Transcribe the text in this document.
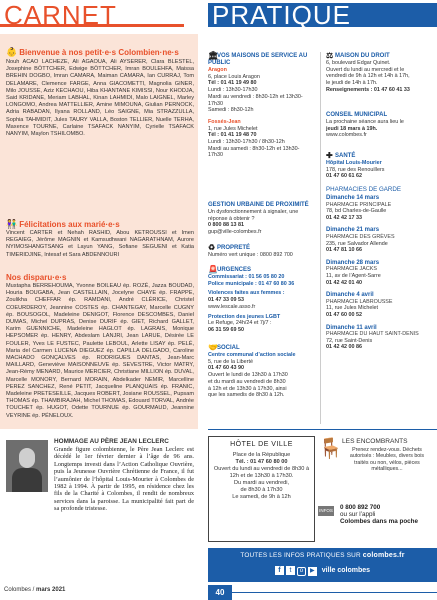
CARNET	PRATIQUE
👶 Bienvenue à nos petit·e·s Colombien·ne·s
Nouh ACAO LACHEZE, Ali AGAOUA, Ali AYSERER, Clara BLESTEL, Josephine BÖTTCHER, Edwige BÖTTCHER, Imran BOULEHFA, Maissa BREHIN DOGBO, Imran CAMARA, Maiman CAMARA, Ian CURRAJ, Tom DELAMARE, Clemence FARGE, Anna GIACOMETTI, Magnolia GINER, Milo JOUSSE, Aziz KECHAOU, Hiba KHANTANE KIMISSI, Nour KHODJA, Said KRIDANE, Meriam LABHAL, Kinan LAHMIDI, Malo LAIGNEL, Marley LONGOMO, Andrea MATTELLIER, Amine MIMOUNA, Giulian PERNOCK, Adria RABADAN, Ilyana ROLLAND, Léo SAIGNE, Mia STRAZZULLA, Sophia TAHMIDIT, Jules TAURY VALLA, Boston TELLIER, Nuelle TERHA, Maxence TOURNE, Carlaine TSAFACK NANYIM, Cyrielle TSAFACK NANYIM, Maylon TSHILOMBO.
👫 Félicitations aux marié·e·s
Vincent CARTER et Nehah RASHID, Abou KETROUSSI et Imen REGAIEG, Jérôme MAGNIN et Kamsudhwani NAGARATHNAM, Aurore NYIMOSHANGTSANG et Layun YANG, Sofiane SEGUENI et Katia TIMERIDJINE, Intesaf et Sara ABDENNOURI
Nos disparu·e·s
Mustapha BERREHOUMA, Yvonne BOILEAU ép. ROZÉ, Jazza BOUDAD, Houria BOUGABA, Jean CASTELLAIN, Jocelyne CHAYE ép. FRAPPE, Zoulikha CHEFFAR ép. RAMDANI, André CLÉRICE, Christel COEURDEROY, Jeannine COSTES ép. CHANTEGAY, Marcelle CUGNY ép. BOUSOGOL, Madeleine DENIGOT, Florence DESCOMBES, Daniel DUMAS, Michel DUPRAS, Denise DURIF ép. GIET, Richard GALLET, Karim GUENNICHE, Madeleine HAGLOT ép. LAGRAIS, Monique HEPSOMER ép. HENRY, Abdeslam LANJRI, Jean LARUE, Désirée LE FOULER, Yves LE FUSTEC, Paulette LEBOUL, Arlette LISAY ép. PELÉ, Maria del Carmen LUCENA DIEGUEZ ép. CAPILLA DELGADO, Caroline MACHADO GONÇALVES ép. RODRIGUES DANTAS, Jean-Marc MAILLARD, Geneviève MAISONNEUVE ép. SEVESTRE, Victor MATRY, Jean-Rémy MENARD, Maurice MERCIER, Christiane MILLION ép. DUVAL, Marcelle MONORY, Bernard MORAIN, Abdelkader NEMIR, Marcelline PEREZ SANCHEZ, René PETIT, Jacqueline PLANQUAIS ép. FRANIC, Madeleine PRETESEILLE, Jacques ROBERT, Josiane ROUSSEL, Pupsam THOMAS ép. THAMBIRAJAH, Michel THOMAS, Edouard TORVAL, Andrée TOUCHET ép. HUGOT, Odette TOURNUE ép. GOURMAUD, Jeannine VEYRINE ép. PÉNELOUX.
HOMMAGE AU PÈRE JEAN LECLERC
Grande figure colombienne, le Père Jean Leclerc est décédé le 1er février dernier à l’âge de 96 ans. Longtemps investi dans l’Action Catholique Ouvrière, puis la Jeunesse Ouvrière Chrétienne de France, il fut l’aumônier de l’hôpital Louis-Mourier à Colombes de 1982 à 1994. À partir de 1995, en résidence chez les fils de la Charité à Colombes, il rendit de nombreux services dans la paroisse. La municipalité fait part de sa profonde tristesse.
🏛VOS MAISONS DE SERVICE AU PUBLIC
Aragon
6, place Louis Aragon
Tél : 01 41 19 49 80
Lundi : 13h30-17h30
Mardi au vendredi : 8h30-12h et 13h30-17h30
Samedi : 8h30-12h
Fossés-Jean
1, rue Jules Michelet
Tél : 01 41 19 48 70
Lundi : 13h30-17h30 / 8h30-12h
Mardi au samedi : 8h30-12h et 13h30-17h30
GESTION URBAINE DE PROXIMITÉ
Un dysfonctionnement à signaler, une réponse à obtenir ?
0 800 88 13 81
gup@ville-colombes.fr
♻ PROPRETÉ
Numéro vert unique : 0800 892 700
🚨URGENCES
Commissariat : 01 56 05 80 20
Police municipale : 01 47 60 80 36
Violences faites aux femmes :
01 47 33 09 53
www.lescale.asso.fr
Protection des jeunes LGBT
Le Refuge, 24h/24 et 7j/7 :
06 31 59 69 50
🤝SOCIAL
Centre communal d’action sociale
5, rue de la Liberté
01 47 60 43 90
Ouvert le lundi de 13h30 à 17h30
et du mardi au vendredi de 8h30
à 12h et de 13h30 à 17h30, ainsi
que les samedis de 8h30 à 12h.
⚖ MAISON DU DROIT
6, boulevard Edgar Quinet.
Ouvert du lundi au mercredi et le
vendredi de 9h à 12h et 14h à 17h,
le jeudi de 14h à 17h.
Renseignements : 01 47 60 41 33
CONSEIL MUNICIPAL
La prochaine séance aura lieu le
jeudi 18 mars à 19h.
www.colombes.fr
✚ SANTÉ
Hôpital Louis-Mourier
178, rue des Renouillers
01 47 60 61 62
PHARMACIES DE GARDE
Dimanche 14 mars
PHARMACIE PRINCIPALE
78, bd Charles-de-Gaulle
01 42 42 17 33
Dimanche 21 mars
PHARMACIE DES GRÈVES
235, rue Salvador Allende
01 47 81 10 66
Dimanche 28 mars
PHARMACIE JACKS
11, av de l’Agent-Sarre
01 42 42 01 40
Dimanche 4 avril
PHARMACIE LABROUSSE
11, rue Jules Michelet
01 47 60 00 52
Dimanche 11 avril
PHARMACIE DU HAUT SAINT-DENIS
72, rue Saint-Denis
01 42 42 00 86
HÔTEL DE VILLE
Place de la République
Tél. : 01 47 60 80 00
Ouvert du lundi au vendredi de 8h30 à 12h et de 13h30 à 17h30.
Du mardi au vendredi,
de 8h30 à 17h30
Le samedi, de 9h à 12h
🪑 LES ENCOMBRANTS
Prenez rendez-vous. Déchets autorisés : Meubles, divers bois traités ou non, vélos, pièces métalliques...
INFOS 0 800 892 700
ou sur l’appli
Colombes dans ma poche
TOUTES LES INFOS PRATIQUES SUR colombes.fr
f t o ▶ ville colombes
Colombes / mars 2021	40
